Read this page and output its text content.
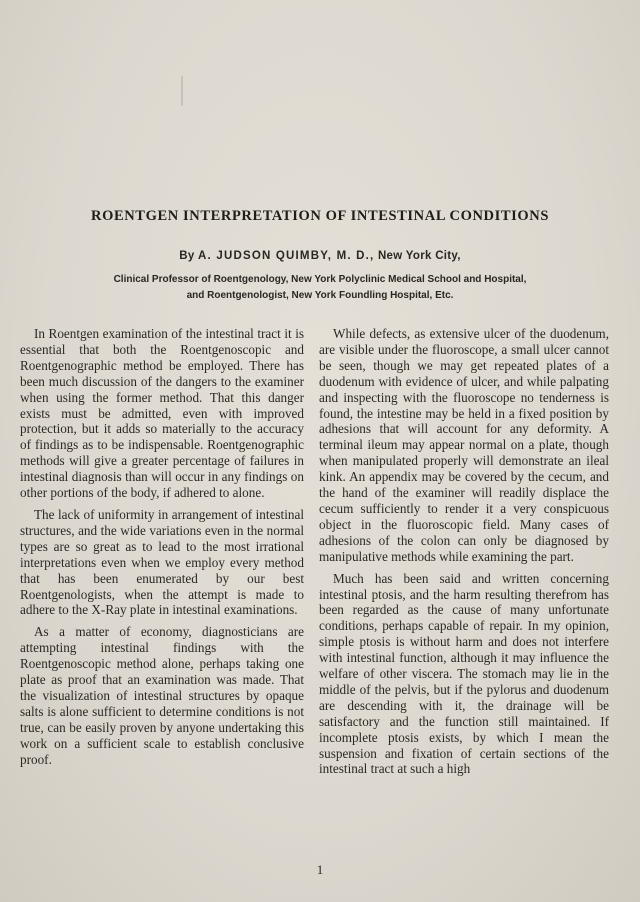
ROENTGEN INTERPRETATION OF INTESTINAL CONDITIONS
By A. JUDSON QUIMBY, M. D., New York City,
Clinical Professor of Roentgenology, New York Polyclinic Medical School and Hospital,
and Roentgenologist, New York Foundling Hospital, Etc.

In Roentgen examination of the intestinal tract it is essential that both the Roentgenoscopic and Roentgenographic method be employed. There has been much discussion of the dangers to the examiner when using the former method. That this danger exists must be admitted, even with improved protection, but it adds so materially to the accuracy of findings as to be indispensable. Roentgenographic methods will give a greater percentage of failures in intestinal diagnosis than will occur in any findings on other portions of the body, if adhered to alone.

The lack of uniformity in arrangement of intestinal structures, and the wide variations even in the normal types are so great as to lead to the most irrational interpretations even when we employ every method that has been enumerated by our best Roentgenologists, when the attempt is made to adhere to the X-Ray plate in intestinal examinations.

As a matter of economy, diagnosticians are attempting intestinal findings with the Roentgenoscopic method alone, perhaps taking one plate as proof that an examination was made. That the visualization of intestinal structures by opaque salts is alone sufficient to determine conditions is not true, can be easily proven by anyone undertaking this work on a sufficient scale to establish conclusive proof.

While defects, as extensive ulcer of the duodenum, are visible under the fluoroscope, a small ulcer cannot be seen, though we may get repeated plates of a duodenum with evidence of ulcer, and while palpating and inspecting with the fluoroscope no tenderness is found, the intestine may be held in a fixed position by adhesions that will account for any deformity. A terminal ileum may appear normal on a plate, though when manipulated properly will demonstrate an ileal kink. An appendix may be covered by the cecum, and the hand of the examiner will readily displace the cecum sufficiently to render it a very conspicuous object in the fluoroscopic field. Many cases of adhesions of the colon can only be diagnosed by manipulative methods while examining the part.

Much has been said and written concerning intestinal ptosis, and the harm resulting therefrom has been regarded as the cause of many unfortunate conditions, perhaps capable of repair. In my opinion, simple ptosis is without harm and does not interfere with intestinal function, although it may influence the welfare of other viscera. The stomach may lie in the middle of the pelvis, but if the pylorus and duodenum are descending with it, the drainage will be satisfactory and the function still maintained. If incomplete ptosis exists, by which I mean the suspension and fixation of certain sections of the intestinal tract at such a high

1
